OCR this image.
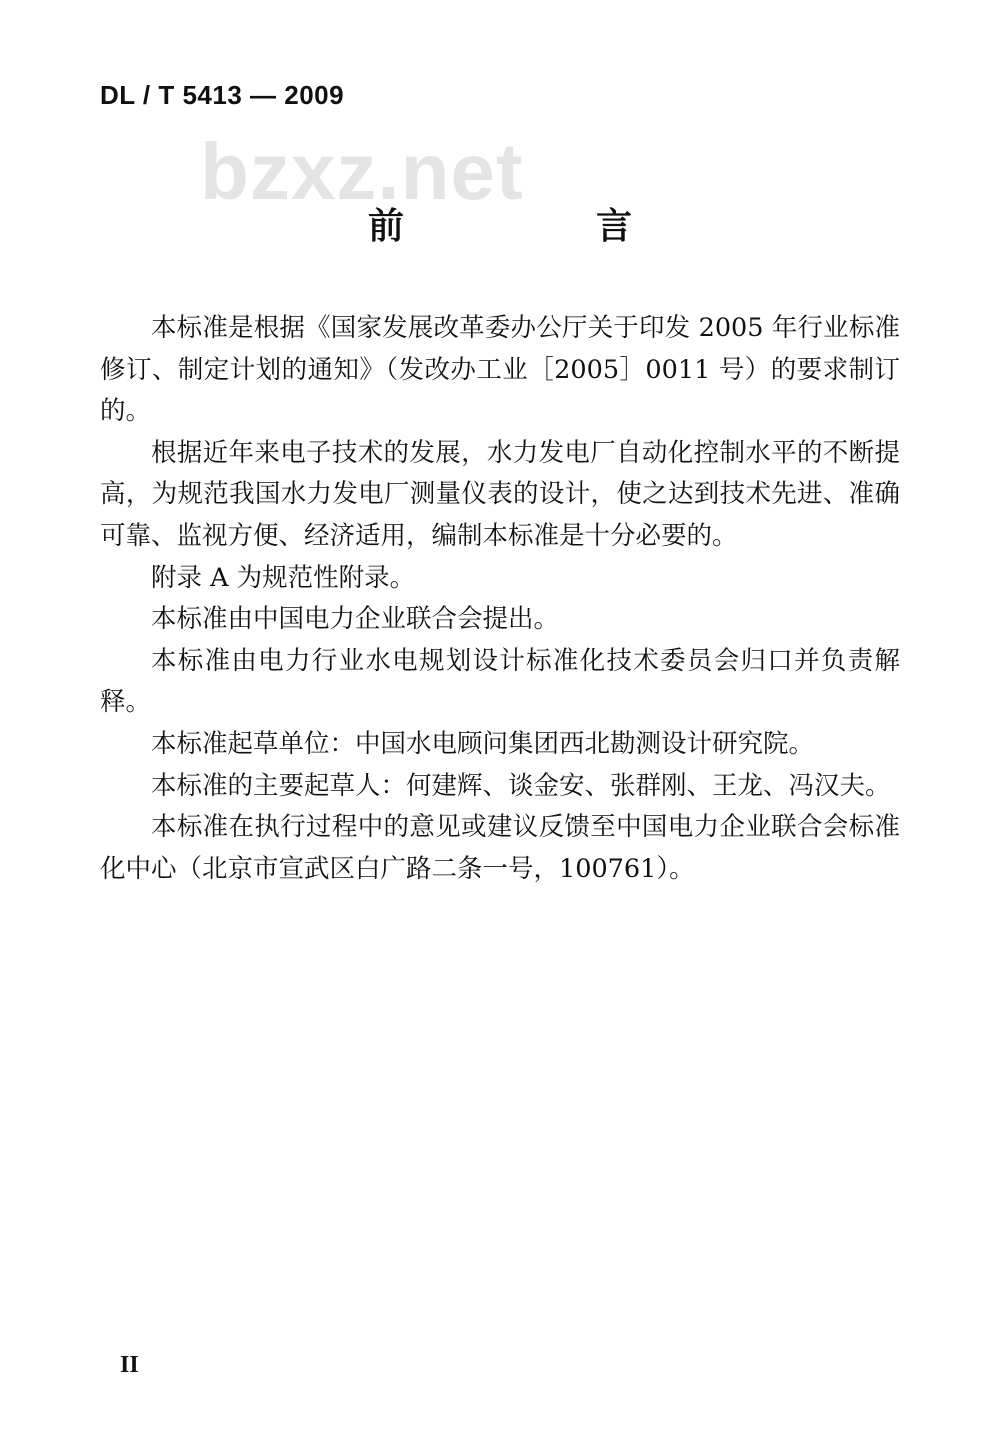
DL / T 5413 — 2009
bzxz.net
前　言

本标准是根据《国家发展改革委办公厅关于印发 2005 年行业标准修订、制定计划的通知》（发改办工业［2005］0011 号）的要求制订的。

根据近年来电子技术的发展，水力发电厂自动化控制水平的不断提高，为规范我国水力发电厂测量仪表的设计，使之达到技术先进、准确可靠、监视方便、经济适用，编制本标准是十分必要的。

附录 A 为规范性附录。

本标准由中国电力企业联合会提出。

本标准由电力行业水电规划设计标准化技术委员会归口并负责解释。

本标准起草单位：中国水电顾问集团西北勘测设计研究院。

本标准的主要起草人：何建辉、谈金安、张群刚、王龙、冯汉夫。

本标准在执行过程中的意见或建议反馈至中国电力企业联合会标准化中心（北京市宣武区白广路二条一号，100761）。

II
